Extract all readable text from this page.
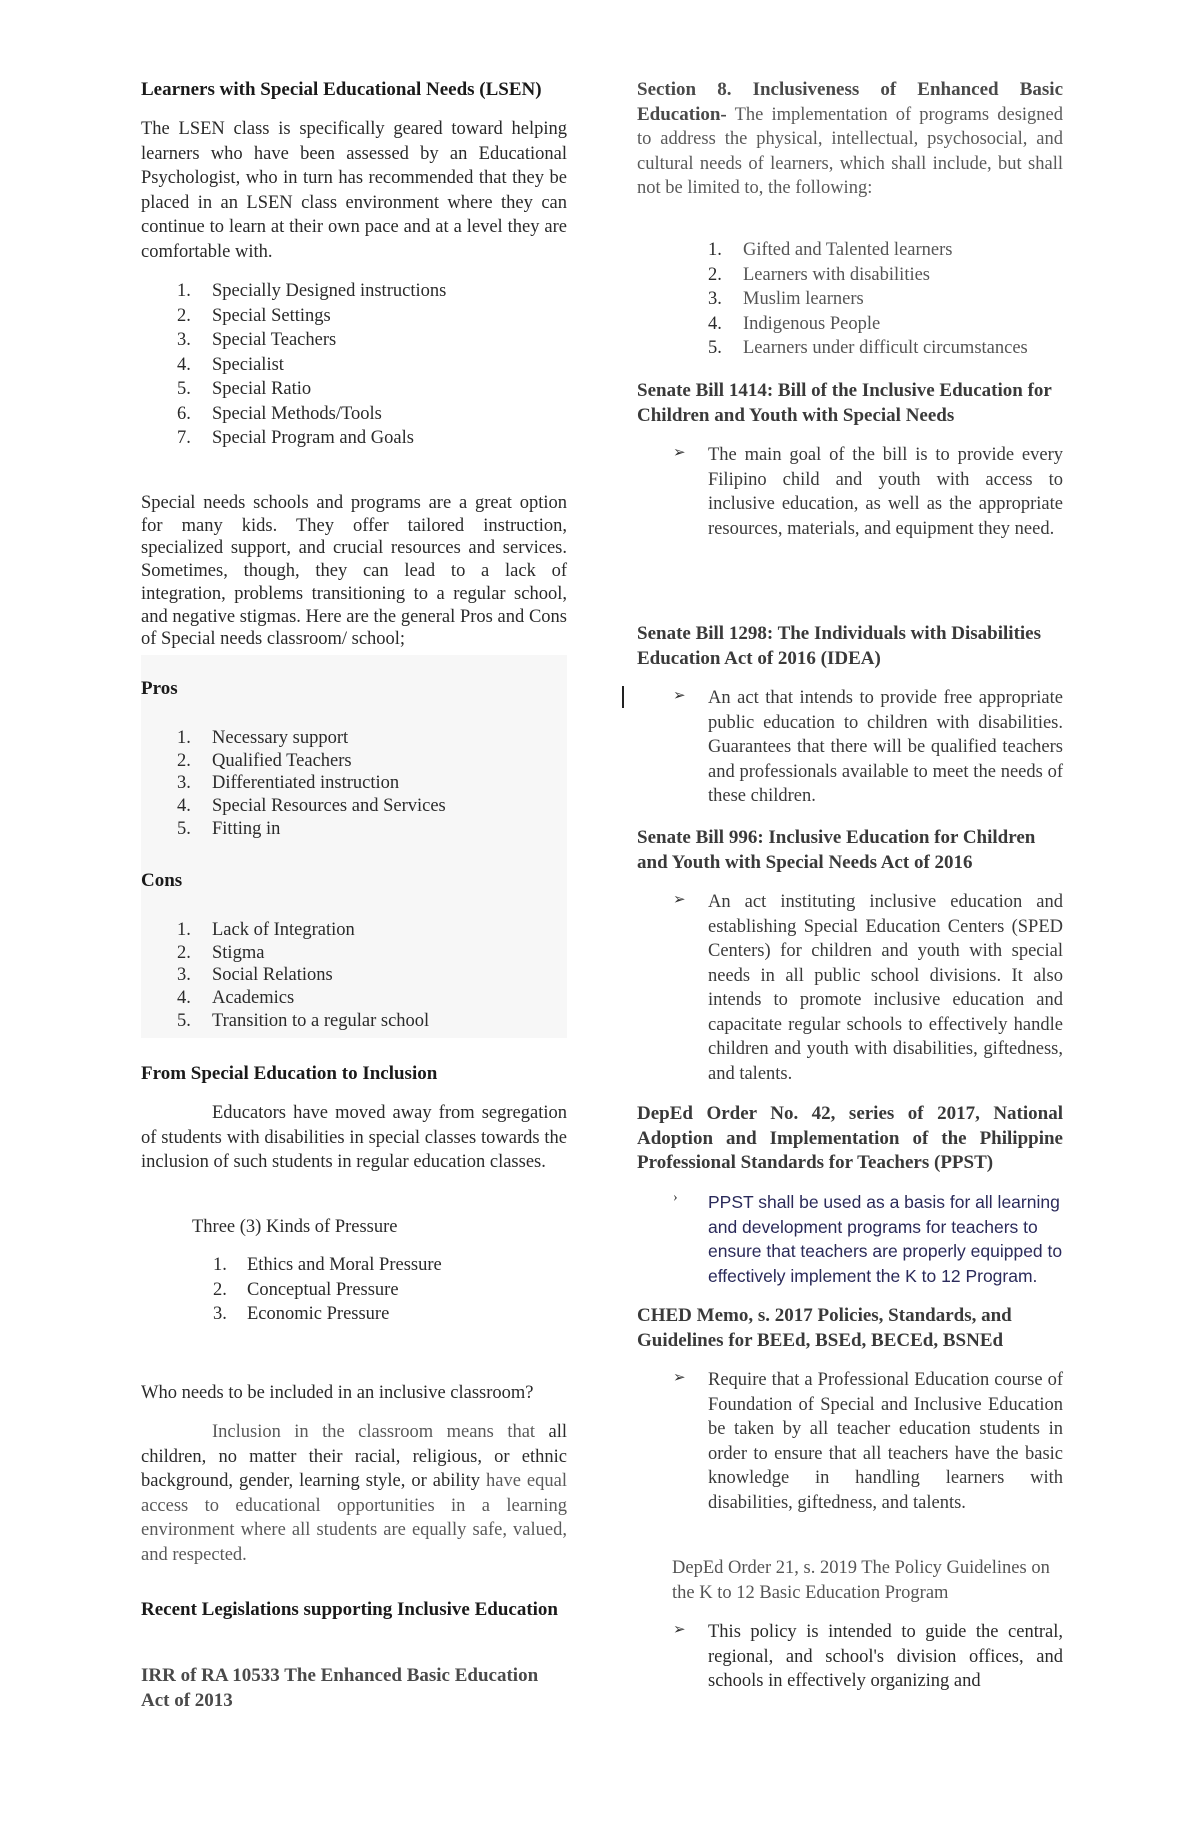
Learners with Special Educational Needs (LSEN)
The LSEN class is specifically geared toward helping learners who have been assessed by an Educational Psychologist, who in turn has recommended that they be placed in an LSEN class environment where they can continue to learn at their own pace and at a level they are comfortable with.
1. Specially Designed instructions
2. Special Settings
3. Special Teachers
4. Specialist
5. Special Ratio
6. Special Methods/Tools
7. Special Program and Goals
Special needs schools and programs are a great option for many kids. They offer tailored instruction, specialized support, and crucial resources and services. Sometimes, though, they can lead to a lack of integration, problems transitioning to a regular school, and negative stigmas. Here are the general Pros and Cons of Special needs classroom/ school;
Pros
1. Necessary support
2. Qualified Teachers
3. Differentiated instruction
4. Special Resources and Services
5. Fitting in
Cons
1. Lack of Integration
2. Stigma
3. Social Relations
4. Academics
5. Transition to a regular school
From Special Education to Inclusion
Educators have moved away from segregation of students with disabilities in special classes towards the inclusion of such students in regular education classes.
Three (3) Kinds of Pressure
1. Ethics and Moral Pressure
2. Conceptual Pressure
3. Economic Pressure
Who needs to be included in an inclusive classroom?
Inclusion in the classroom means that all children, no matter their racial, religious, or ethnic background, gender, learning style, or ability have equal access to educational opportunities in a learning environment where all students are equally safe, valued, and respected.
Recent Legislations supporting Inclusive Education
IRR of RA 10533 The Enhanced Basic Education Act of 2013
Section 8. Inclusiveness of Enhanced Basic Education- The implementation of programs designed to address the physical, intellectual, psychosocial, and cultural needs of learners, which shall include, but shall not be limited to, the following:
1. Gifted and Talented learners
2. Learners with disabilities
3. Muslim learners
4. Indigenous People
5. Learners under difficult circumstances
Senate Bill 1414: Bill of the Inclusive Education for Children and Youth with Special Needs
➢ The main goal of the bill is to provide every Filipino child and youth with access to inclusive education, as well as the appropriate resources, materials, and equipment they need.
Senate Bill 1298: The Individuals with Disabilities Education Act of 2016 (IDEA)
➢ An act that intends to provide free appropriate public education to children with disabilities. Guarantees that there will be qualified teachers and professionals available to meet the needs of these children.
Senate Bill 996: Inclusive Education for Children and Youth with Special Needs Act of 2016
➢ An act instituting inclusive education and establishing Special Education Centers (SPED Centers) for children and youth with special needs in all public school divisions. It also intends to promote inclusive education and capacitate regular schools to effectively handle children and youth with disabilities, giftedness, and talents.
DepEd Order No. 42, series of 2017, National Adoption and Implementation of the Philippine Professional Standards for Teachers (PPST)
› PPST shall be used as a basis for all learning and development programs for teachers to ensure that teachers are properly equipped to effectively implement the K to 12 Program.
CHED Memo, s. 2017 Policies, Standards, and Guidelines for BEEd, BSEd, BECEd, BSNEd
➢ Require that a Professional Education course of Foundation of Special and Inclusive Education be taken by all teacher education students in order to ensure that all teachers have the basic knowledge in handling learners with disabilities, giftedness, and talents.
DepEd Order 21, s. 2019 The Policy Guidelines on the K to 12 Basic Education Program
➢ This policy is intended to guide the central, regional, and school's division offices, and schools in effectively organizing and
